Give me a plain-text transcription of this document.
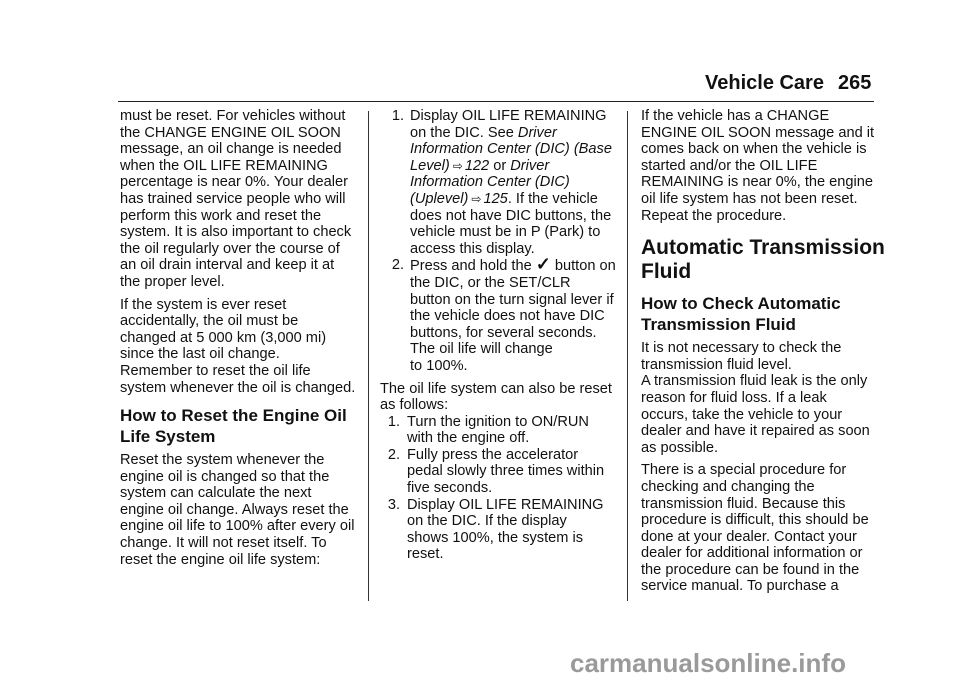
Vehicle Care 265

must be reset. For vehicles without
the CHANGE ENGINE OIL SOON
message, an oil change is needed
when the OIL LIFE REMAINING
percentage is near 0%. Your dealer
has trained service people who will
perform this work and reset the
system. It is also important to check
the oil regularly over the course of
an oil drain interval and keep it at
the proper level.

If the system is ever reset
accidentally, the oil must be
changed at 5 000 km (3,000 mi)
since the last oil change.
Remember to reset the oil life
system whenever the oil is changed.

How to Reset the Engine Oil
Life System

Reset the system whenever the
engine oil is changed so that the
system can calculate the next
engine oil change. Always reset the
engine oil life to 100% after every oil
change. It will not reset itself. To
reset the engine oil life system:

1. Display OIL LIFE REMAINING
on the DIC. See Driver
Information Center (DIC) (Base
Level) ⇨ 122 or Driver
Information Center (DIC)
(Uplevel) ⇨ 125. If the vehicle
does not have DIC buttons, the
vehicle must be in P (Park) to
access this display.
2. Press and hold the ✓ button on
the DIC, or the SET/CLR
button on the turn signal lever if
the vehicle does not have DIC
buttons, for several seconds.
The oil life will change
to 100%.

The oil life system can also be reset
as follows:

1. Turn the ignition to ON/RUN
with the engine off.
2. Fully press the accelerator
pedal slowly three times within
five seconds.
3. Display OIL LIFE REMAINING
on the DIC. If the display
shows 100%, the system is
reset.

If the vehicle has a CHANGE
ENGINE OIL SOON message and it
comes back on when the vehicle is
started and/or the OIL LIFE
REMAINING is near 0%, the engine
oil life system has not been reset.
Repeat the procedure.

Automatic Transmission
Fluid
How to Check Automatic
Transmission Fluid

It is not necessary to check the
transmission fluid level.
A transmission fluid leak is the only
reason for fluid loss. If a leak
occurs, take the vehicle to your
dealer and have it repaired as soon
as possible.

There is a special procedure for
checking and changing the
transmission fluid. Because this
procedure is difficult, this should be
done at your dealer. Contact your
dealer for additional information or
the procedure can be found in the
service manual. To purchase a

carmanualsonline.info
